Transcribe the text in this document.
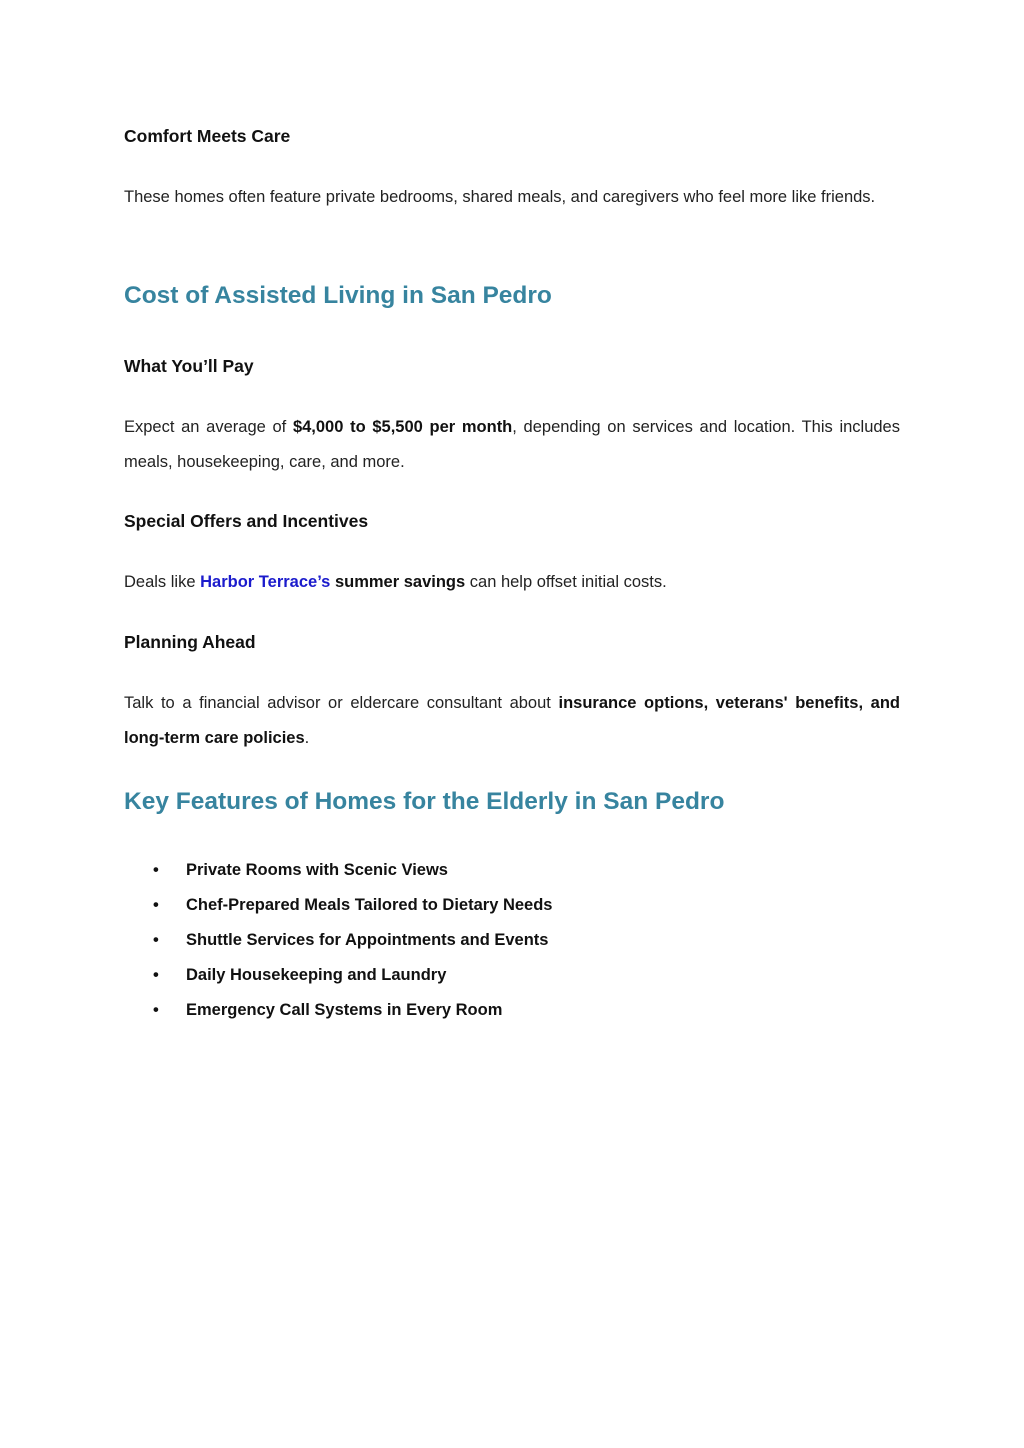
Comfort Meets Care

These homes often feature private bedrooms, shared meals, and caregivers who feel more like friends.

Cost of Assisted Living in San Pedro
What You’ll Pay

Expect an average of $4,000 to $5,500 per month, depending on services and location. This includes meals, housekeeping, care, and more.

Special Offers and Incentives

Deals like Harbor Terrace’s summer savings can help offset initial costs.

Planning Ahead

Talk to a financial advisor or eldercare consultant about insurance options, veterans' benefits, and long-term care policies.

Key Features of Homes for the Elderly in San Pedro
• Private Rooms with Scenic Views
• Chef-Prepared Meals Tailored to Dietary Needs
• Shuttle Services for Appointments and Events
• Daily Housekeeping and Laundry
• Emergency Call Systems in Every Room
